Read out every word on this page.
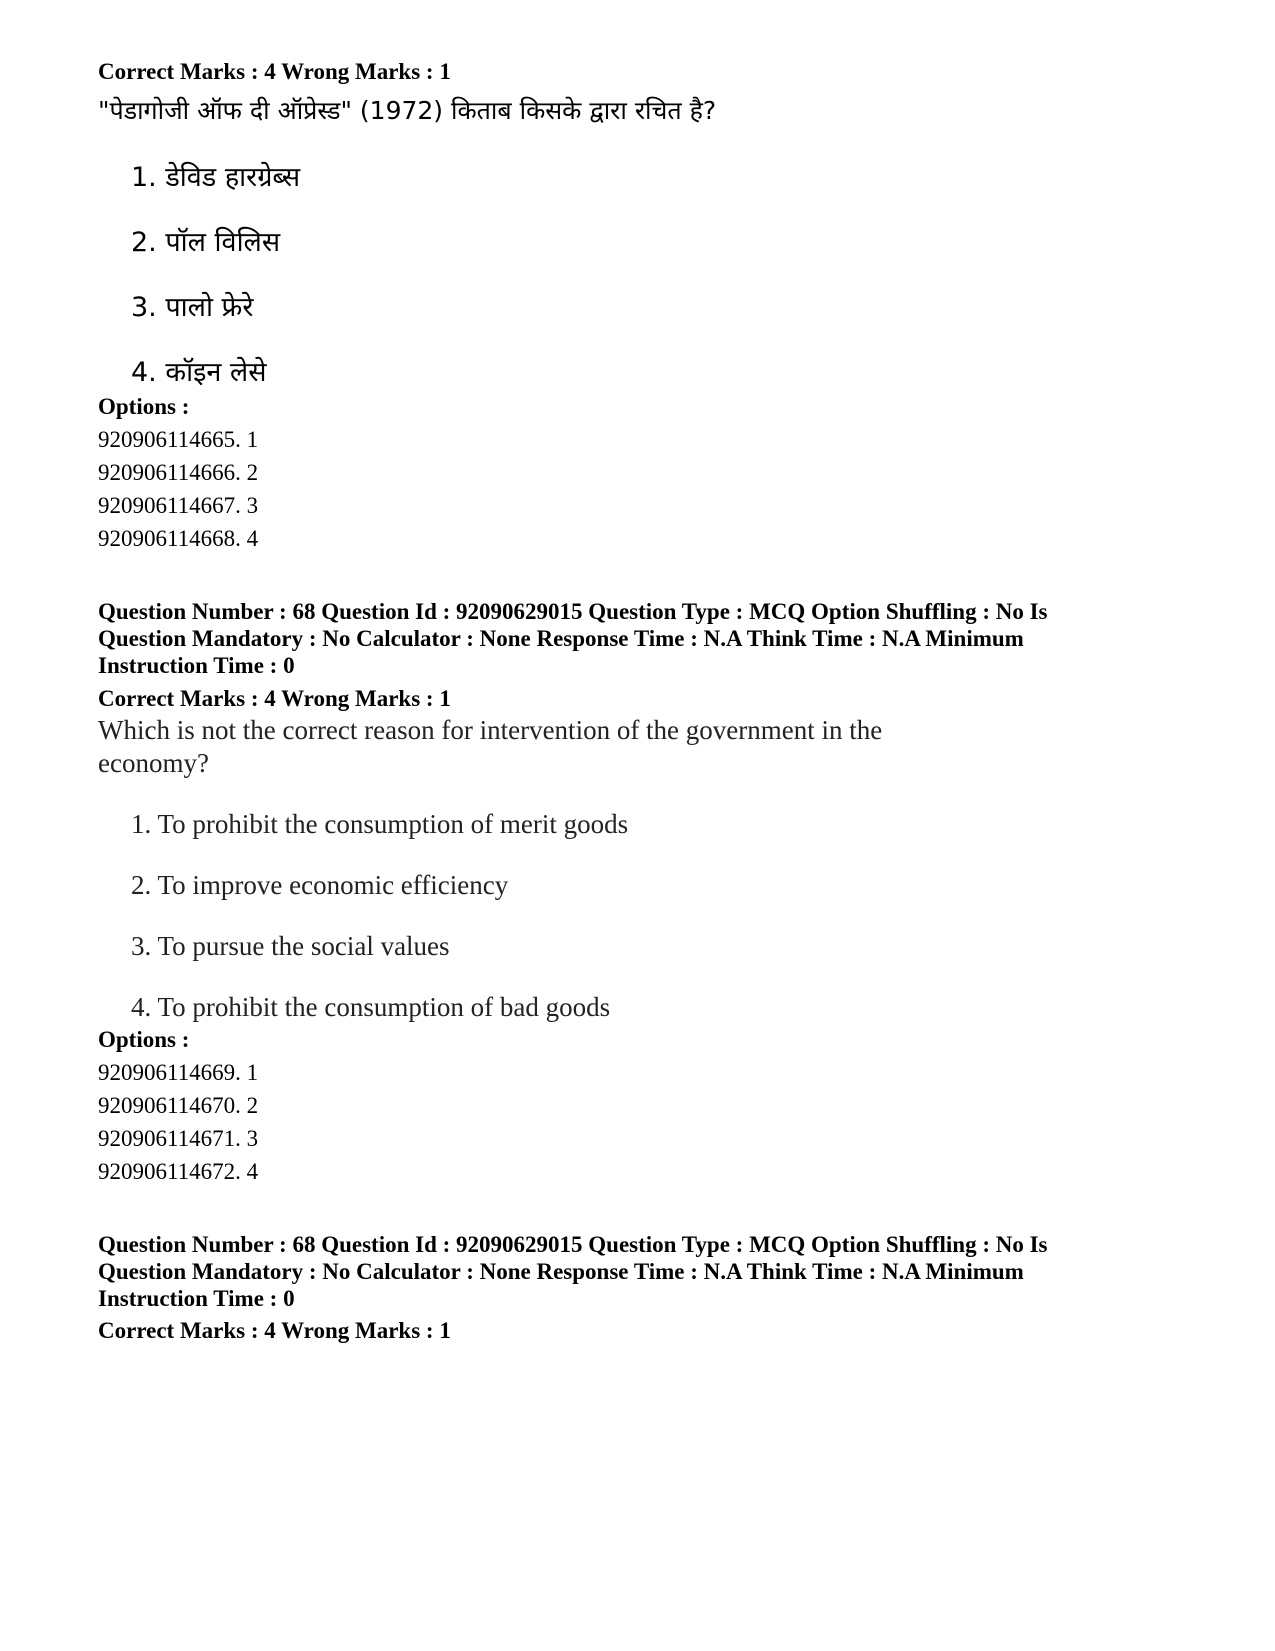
Correct Marks : 4 Wrong Marks : 1
"पेडागोजी ऑफ दी ऑप्रेस्ड" (1972) किताब किसके द्वारा रचित है?
1. डेविड हारग्रेब्स
2. पॉल विलिस
3. पालो फ्रेरे
4. कॉइन लेसे
Options :
920906114665. 1
920906114666. 2
920906114667. 3
920906114668. 4
Question Number : 68 Question Id : 92090629015 Question Type : MCQ Option Shuffling : No Is
Question Mandatory : No Calculator : None Response Time : N.A Think Time : N.A Minimum
Instruction Time : 0
Correct Marks : 4 Wrong Marks : 1
Which is not the correct reason for intervention of the government in the
economy?
1. To prohibit the consumption of merit goods
2. To improve economic efficiency
3. To pursue the social values
4. To prohibit the consumption of bad goods
Options :
920906114669. 1
920906114670. 2
920906114671. 3
920906114672. 4
Question Number : 68 Question Id : 92090629015 Question Type : MCQ Option Shuffling : No Is
Question Mandatory : No Calculator : None Response Time : N.A Think Time : N.A Minimum
Instruction Time : 0
Correct Marks : 4 Wrong Marks : 1
